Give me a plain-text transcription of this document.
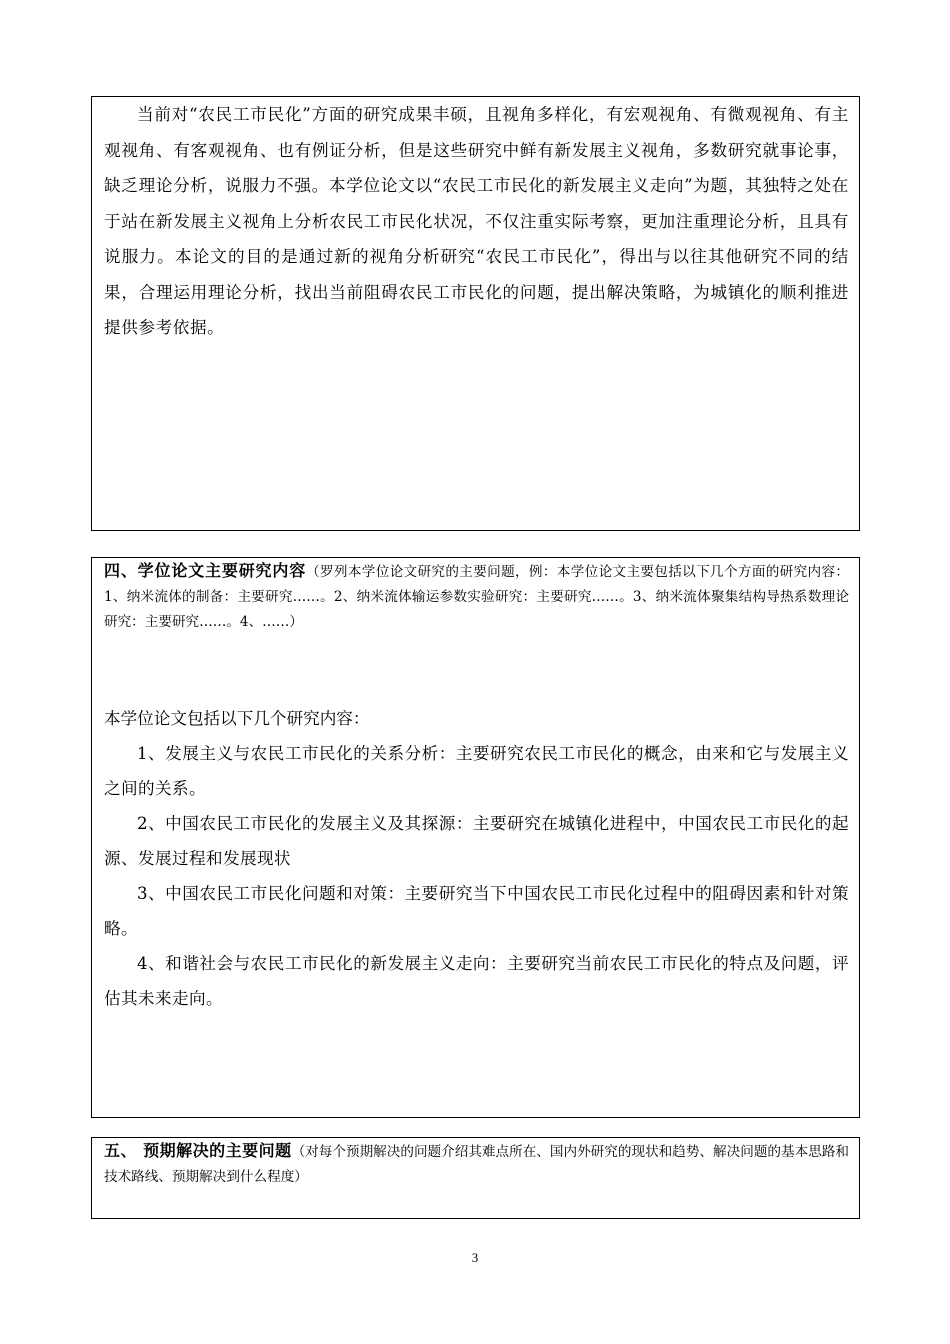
当前对“农民工市民化”方面的研究成果丰硕，且视角多样化，有宏观视角、有微观视角、有主观视角、有客观视角、也有例证分析，但是这些研究中鲜有新发展主义视角，多数研究就事论事，缺乏理论分析，说服力不强。本学位论文以“农民工市民化的新发展主义走向”为题，其独特之处在于站在新发展主义视角上分析农民工市民化状况，不仅注重实际考察，更加注重理论分析，且具有说服力。本论文的目的是通过新的视角分析研究“农民工市民化”，得出与以往其他研究不同的结果，合理运用理论分析，找出当前阻碍农民工市民化的问题，提出解决策略，为城镇化的顺利推进提供参考依据。

四、学位论文主要研究内容（罗列本学位论文研究的主要问题，例：本学位论文主要包括以下几个方面的研究内容：1、纳米流体的制备：主要研究……。2、纳米流体输运参数实验研究：主要研究……。3、纳米流体聚集结构导热系数理论研究：主要研究……。4、……）

本学位论文包括以下几个研究内容：

1、发展主义与农民工市民化的关系分析：主要研究农民工市民化的概念，由来和它与发展主义之间的关系。

2、中国农民工市民化的发展主义及其探源：主要研究在城镇化进程中，中国农民工市民化的起源、发展过程和发展现状

3、中国农民工市民化问题和对策：主要研究当下中国农民工市民化过程中的阻碍因素和针对策略。

4、和谐社会与农民工市民化的新发展主义走向：主要研究当前农民工市民化的特点及问题，评估其未来走向。

五、 预期解决的主要问题（对每个预期解决的问题介绍其难点所在、国内外研究的现状和趋势、解决问题的基本思路和技术路线、预期解决到什么程度）

3
